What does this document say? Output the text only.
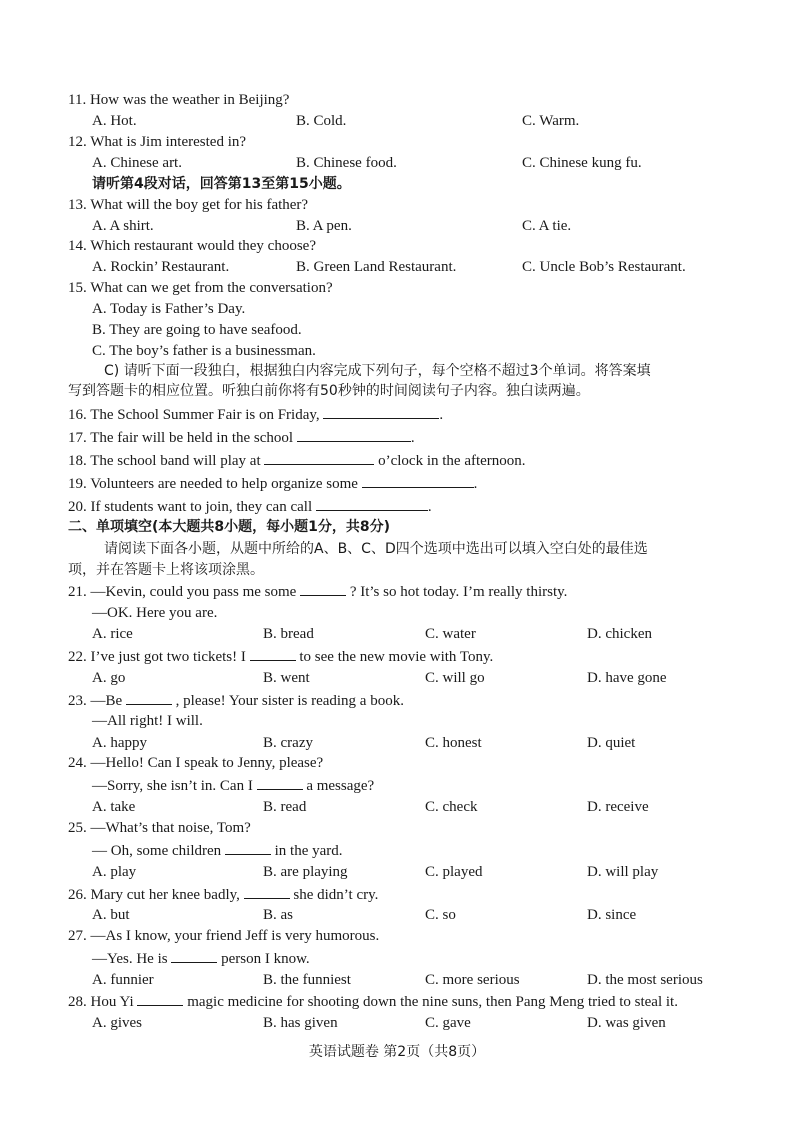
11. How was the weather in Beijing?
A. Hot.	B. Cold.	C. Warm.
12. What is Jim interested in?
A. Chinese art.	B. Chinese food.	C. Chinese kung fu.
请听第4段对话，回答第13至第15小题。
13. What will the boy get for his father?
A. A shirt.	B. A pen.	C. A tie.
14. Which restaurant would they choose?
A. Rockin’ Restaurant.	B. Green Land Restaurant.	C. Uncle Bob’s Restaurant.
15. What can we get from the conversation?
A. Today is Father’s Day.
B. They are going to have seafood.
C. The boy’s father is a businessman.
C) 请听下面一段独白，根据独白内容完成下列句子，每个空格不超过3个单词。将答案填
写到答题卡的相应位置。听独白前你将有50秒钟的时间阅读句子内容。独白读两遍。
16. The School Summer Fair is on Friday,	.
17. The fair will be held in the school	.
18. The school band will play at	o’clock in the afternoon.
19. Volunteers are needed to help organize some	.
20. If students want to join, they can call	.
二、单项填空(本大题共8小题，每小题1分，共8分)
请阅读下面各小题，从题中所给的A、B、C、D四个选项中选出可以填入空白处的最佳选
项，并在答题卡上将该项涂黑。
21. —Kevin, could you pass me some	? It’s so hot today. I’m really thirsty.
—OK. Here you are.
A. rice	B. bread	C. water	D. chicken
22. I’ve just got two tickets! I	to see the new movie with Tony.
A. go	B. went	C. will go	D. have gone
23. —Be	, please! Your sister is reading a book.
—All right! I will.
A. happy	B. crazy	C. honest	D. quiet
24. —Hello! Can I speak to Jenny, please?
—Sorry, she isn’t in. Can I	a message?
A. take	B. read	C. check	D. receive
25. —What’s that noise, Tom?
— Oh, some children	in the yard.
A. play	B. are playing	C. played	D. will play
26. Mary cut her knee badly,	she didn’t cry.
A. but	B. as	C. so	D. since
27. —As I know, your friend Jeff is very humorous.
—Yes. He is	person I know.
A. funnier	B. the funniest	C. more serious	D. the most serious
28. Hou Yi	magic medicine for shooting down the nine suns, then Pang Meng tried to steal it.
A. gives	B. has given	C. gave	D. was given
英语试题卷 第2页（共8页）
